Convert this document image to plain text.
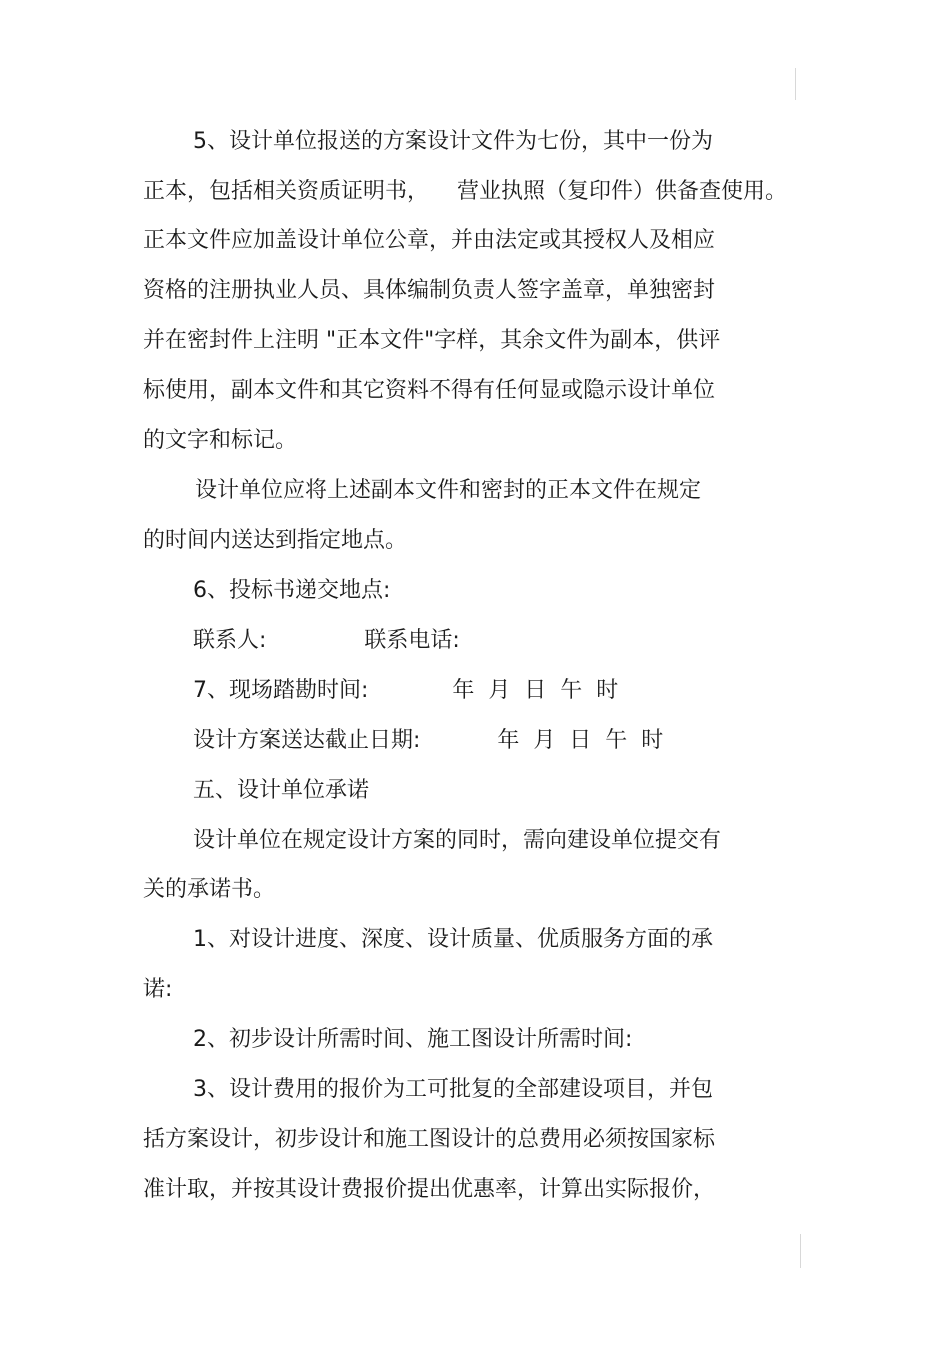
5、设计单位报送的方案设计文件为七份，其中一份为
正本，包括相关资质证明书，    营业执照（复印件）供备查使用。
正本文件应加盖设计单位公章，并由法定或其授权人及相应
资格的注册执业人员、具体编制负责人签字盖章，单独密封
并在密封件上注明 "正本文件"字样，其余文件为副本，供评
标使用，副本文件和其它资料不得有任何显或隐示设计单位
的文字和标记。
设计单位应将上述副本文件和密封的正本文件在规定
的时间内送达到指定地点。
6、投标书递交地点:
联系人:              联系电话:
7、现场踏勘时间:            年  月  日  午  时
设计方案送达截止日期:           年  月  日  午  时
五、设计单位承诺
设计单位在规定设计方案的同时，需向建设单位提交有
关的承诺书。
1、对设计进度、深度、设计质量、优质服务方面的承
诺:
2、初步设计所需时间、施工图设计所需时间:
3、设计费用的报价为工可批复的全部建设项目，并包
括方案设计，初步设计和施工图设计的总费用必须按国家标
准计取，并按其设计费报价提出优惠率，计算出实际报价，
